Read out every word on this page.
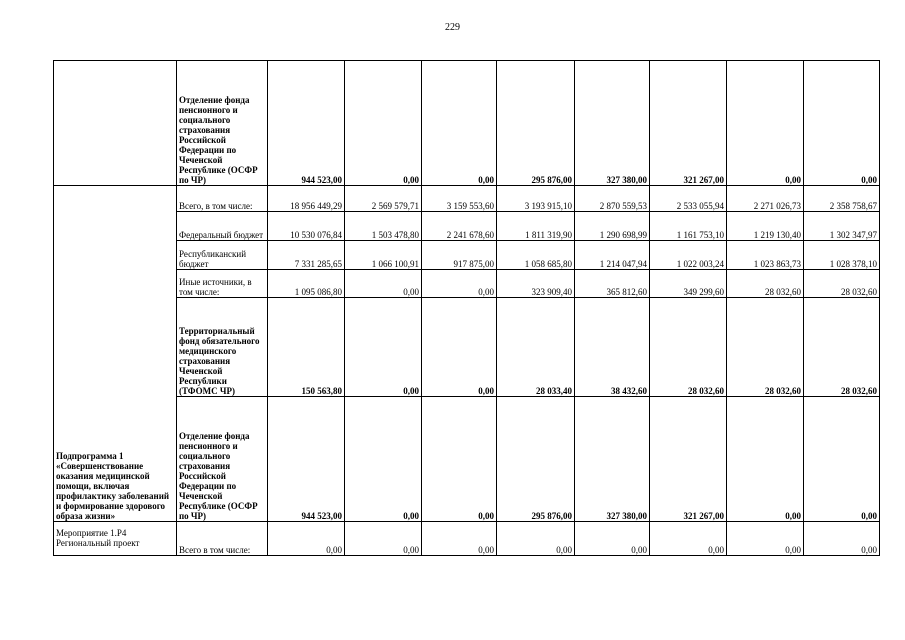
229
	Отделение фонда пенсионного и социального страхования Российской Федерации по Чеченской Республике (ОСФР по ЧР)	944 523,00	0,00	0,00	295 876,00	327 380,00	321 267,00	0,00	0,00
Подпрограмма 1 «Совершенствование оказания медицинской помощи, включая профилактику заболеваний и формирование здорового образа жизни»	Всего, в том числе:	18 956 449,29	2 569 579,71	3 159 553,60	3 193 915,10	2 870 559,53	2 533 055,94	2 271 026,73	2 358 758,67
	Федеральный бюджет	10 530 076,84	1 503 478,80	2 241 678,60	1 811 319,90	1 290 698,99	1 161 753,10	1 219 130,40	1 302 347,97
	Республиканский бюджет	7 331 285,65	1 066 100,91	917 875,00	1 058 685,80	1 214 047,94	1 022 003,24	1 023 863,73	1 028 378,10
	Иные источники, в том числе:	1 095 086,80	0,00	0,00	323 909,40	365 812,60	349 299,60	28 032,60	28 032,60
	Территориальный фонд обязательного медицинского страхования Чеченской Республики (ТФОМС ЧР)	150 563,80	0,00	0,00	28 033,40	38 432,60	28 032,60	28 032,60	28 032,60
	Отделение фонда пенсионного и социального страхования Российской Федерации по Чеченской Республике (ОСФР по ЧР)	944 523,00	0,00	0,00	295 876,00	327 380,00	321 267,00	0,00	0,00
Мероприятие 1.Р4 Региональный проект	Всего в том числе:	0,00	0,00	0,00	0,00	0,00	0,00	0,00	0,00
